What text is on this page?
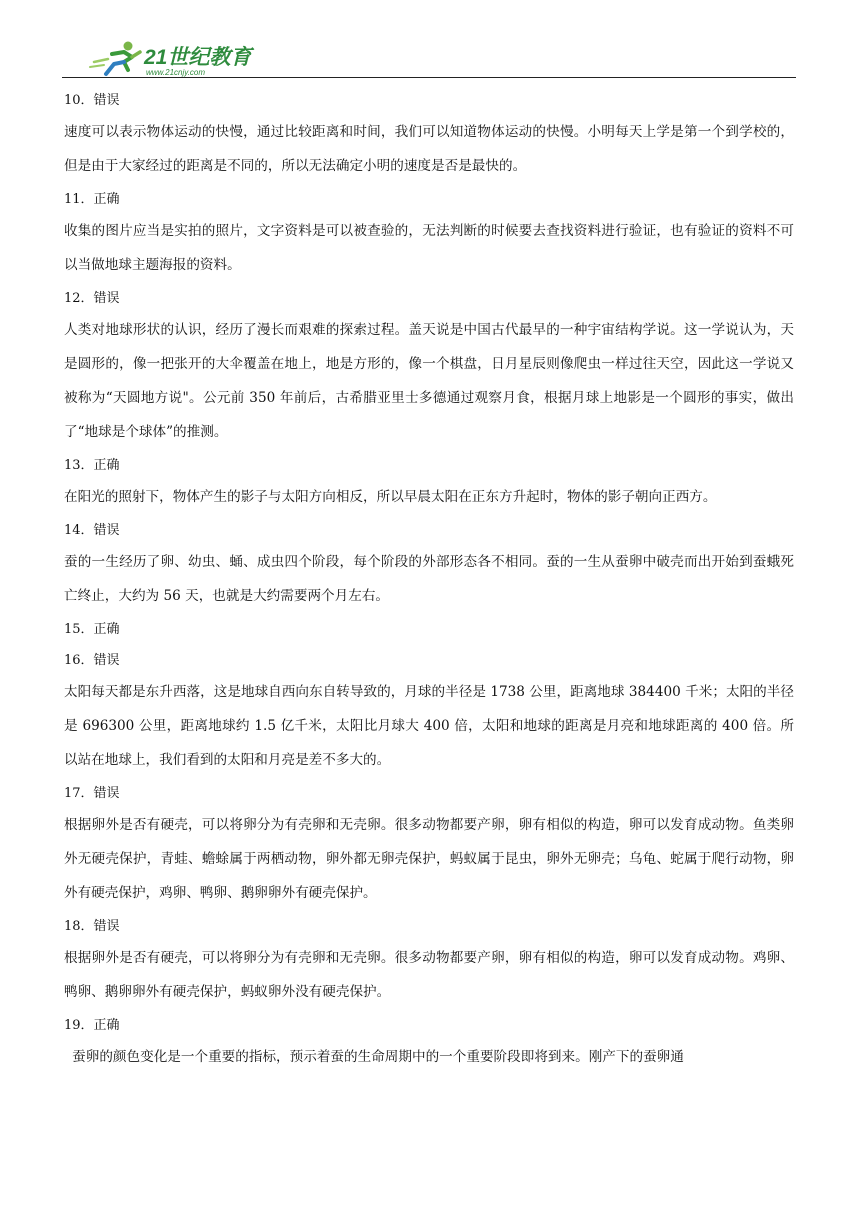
21世纪教育
www.21cnjy.com
10．错误
速度可以表示物体运动的快慢，通过比较距离和时间，我们可以知道物体运动的快慢。小明每天上学是第一个到学校的，但是由于大家经过的距离是不同的，所以无法确定小明的速度是否是最快的。
11．正确
收集的图片应当是实拍的照片，文字资料是可以被查验的，无法判断的时候要去查找资料进行验证，也有验证的资料不可以当做地球主题海报的资料。
12．错误
人类对地球形状的认识，经历了漫长而艰难的探索过程。盖天说是中国古代最早的一种宇宙结构学说。这一学说认为，天是圆形的，像一把张开的大伞覆盖在地上，地是方形的，像一个棋盘，日月星辰则像爬虫一样过往天空，因此这一学说又被称为“天圆地方说"。公元前 350 年前后，古希腊亚里士多德通过观察月食，根据月球上地影是一个圆形的事实，做出了“地球是个球体”的推测。
13．正确
在阳光的照射下，物体产生的影子与太阳方向相反，所以早晨太阳在正东方升起时，物体的影子朝向正西方。
14．错误
蚕的一生经历了卵、幼虫、蛹、成虫四个阶段，每个阶段的外部形态各不相同。蚕的一生从蚕卵中破壳而出开始到蚕蛾死亡终止，大约为 56 天，也就是大约需要两个月左右。
15．正确
16．错误
太阳每天都是东升西落，这是地球自西向东自转导致的，月球的半径是 1738 公里，距离地球 384400 千米；太阳的半径是 696300 公里，距离地球约 1.5 亿千米，太阳比月球大 400 倍，太阳和地球的距离是月亮和地球距离的 400 倍。所以站在地球上，我们看到的太阳和月亮是差不多大的。
17．错误
根据卵外是否有硬壳，可以将卵分为有壳卵和无壳卵。很多动物都要产卵，卵有相似的构造，卵可以发育成动物。鱼类卵外无硬壳保护，青蛙、蟾蜍属于两栖动物，卵外都无卵壳保护，蚂蚁属于昆虫，卵外无卵壳；乌龟、蛇属于爬行动物，卵外有硬壳保护，鸡卵、鸭卵、鹅卵卵外有硬壳保护。
18．错误
根据卵外是否有硬壳，可以将卵分为有壳卵和无壳卵。很多动物都要产卵，卵有相似的构造，卵可以发育成动物。鸡卵、鸭卵、鹅卵卵外有硬壳保护，蚂蚁卵外没有硬壳保护。
19．正确
蚕卵的颜色变化是一个重要的指标，预示着蚕的生命周期中的一个重要阶段即将到来。刚产下的蚕卵通
